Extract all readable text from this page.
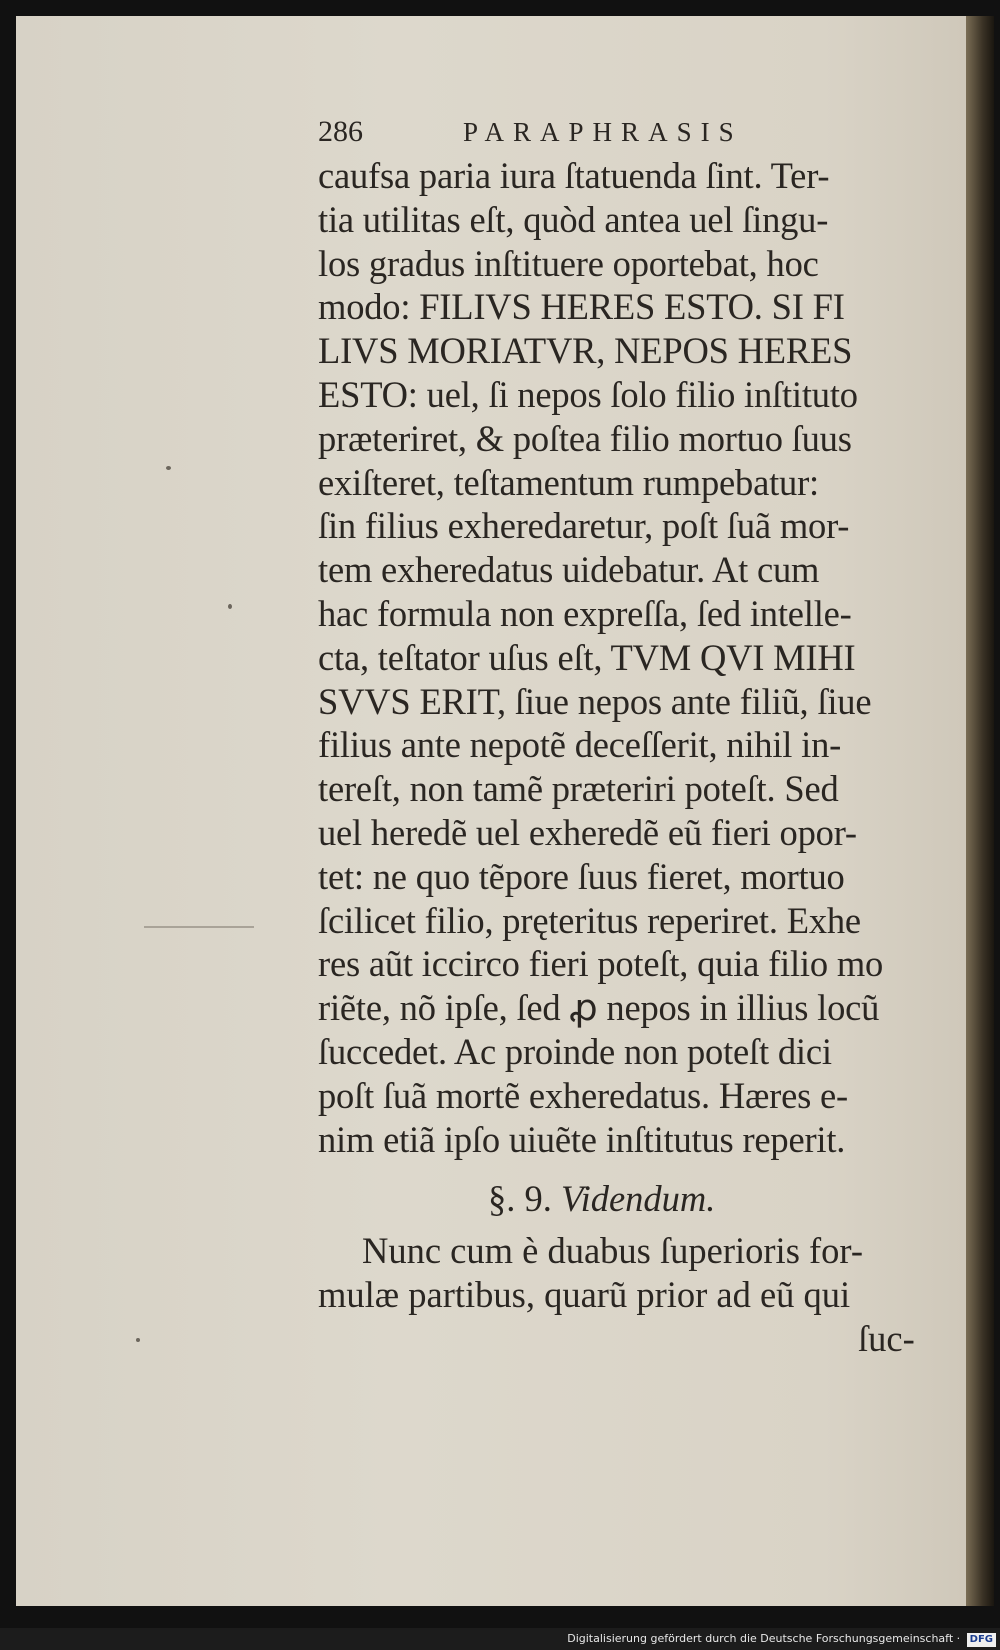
286	PARAPHRASIS
caufsa paria iura ſtatuenda ſint. Ter-
tia utilitas eſt, quòd antea uel ſingu-
los gradus inſtituere oportebat, hoc
modo: FILIVS HERES ESTO. SI FI
LIVS MORIATVR, NEPOS HERES
ESTO: uel, ſi nepos ſolo filio inſtituto
præteriret, & poſtea filio mortuo ſuus
exiſteret, teſtamentum rumpebatur:
ſin filius exheredaretur, poſt ſuã mor-
tem exheredatus uidebatur. At cum
hac formula non expreſſa, ſed intelle-
cta, teſtator uſus eſt, TVM QVI MIHI
SVVS ERIT, ſiue nepos ante filiũ, ſiue
filius ante nepotẽ deceſſerit, nihil in-
tereſt, non tamẽ præteriri poteſt. Sed
uel heredẽ uel exheredẽ eũ fieri opor-
tet: ne quo tẽpore ſuus fieret, mortuo
ſcilicet filio, pręteritus reperiret. Exhe
res aũt iccirco fieri poteſt, quia filio mo
riẽte, nõ ipſe, ſed ꝓ nepos in illius locũ
ſuccedet. Ac proinde non poteſt dici
poſt ſuã mortẽ exheredatus. Hæres e-
nim etiã ipſo uiuẽte inſtitutus reperit.
§. 9. Videndum.
Nunc cum è duabus ſuperioris for-
mulæ partibus, quarũ prior ad eũ qui
ſuc-
Digitalisierung gefördert durch die Deutsche Forschungsgemeinschaft · DFG
